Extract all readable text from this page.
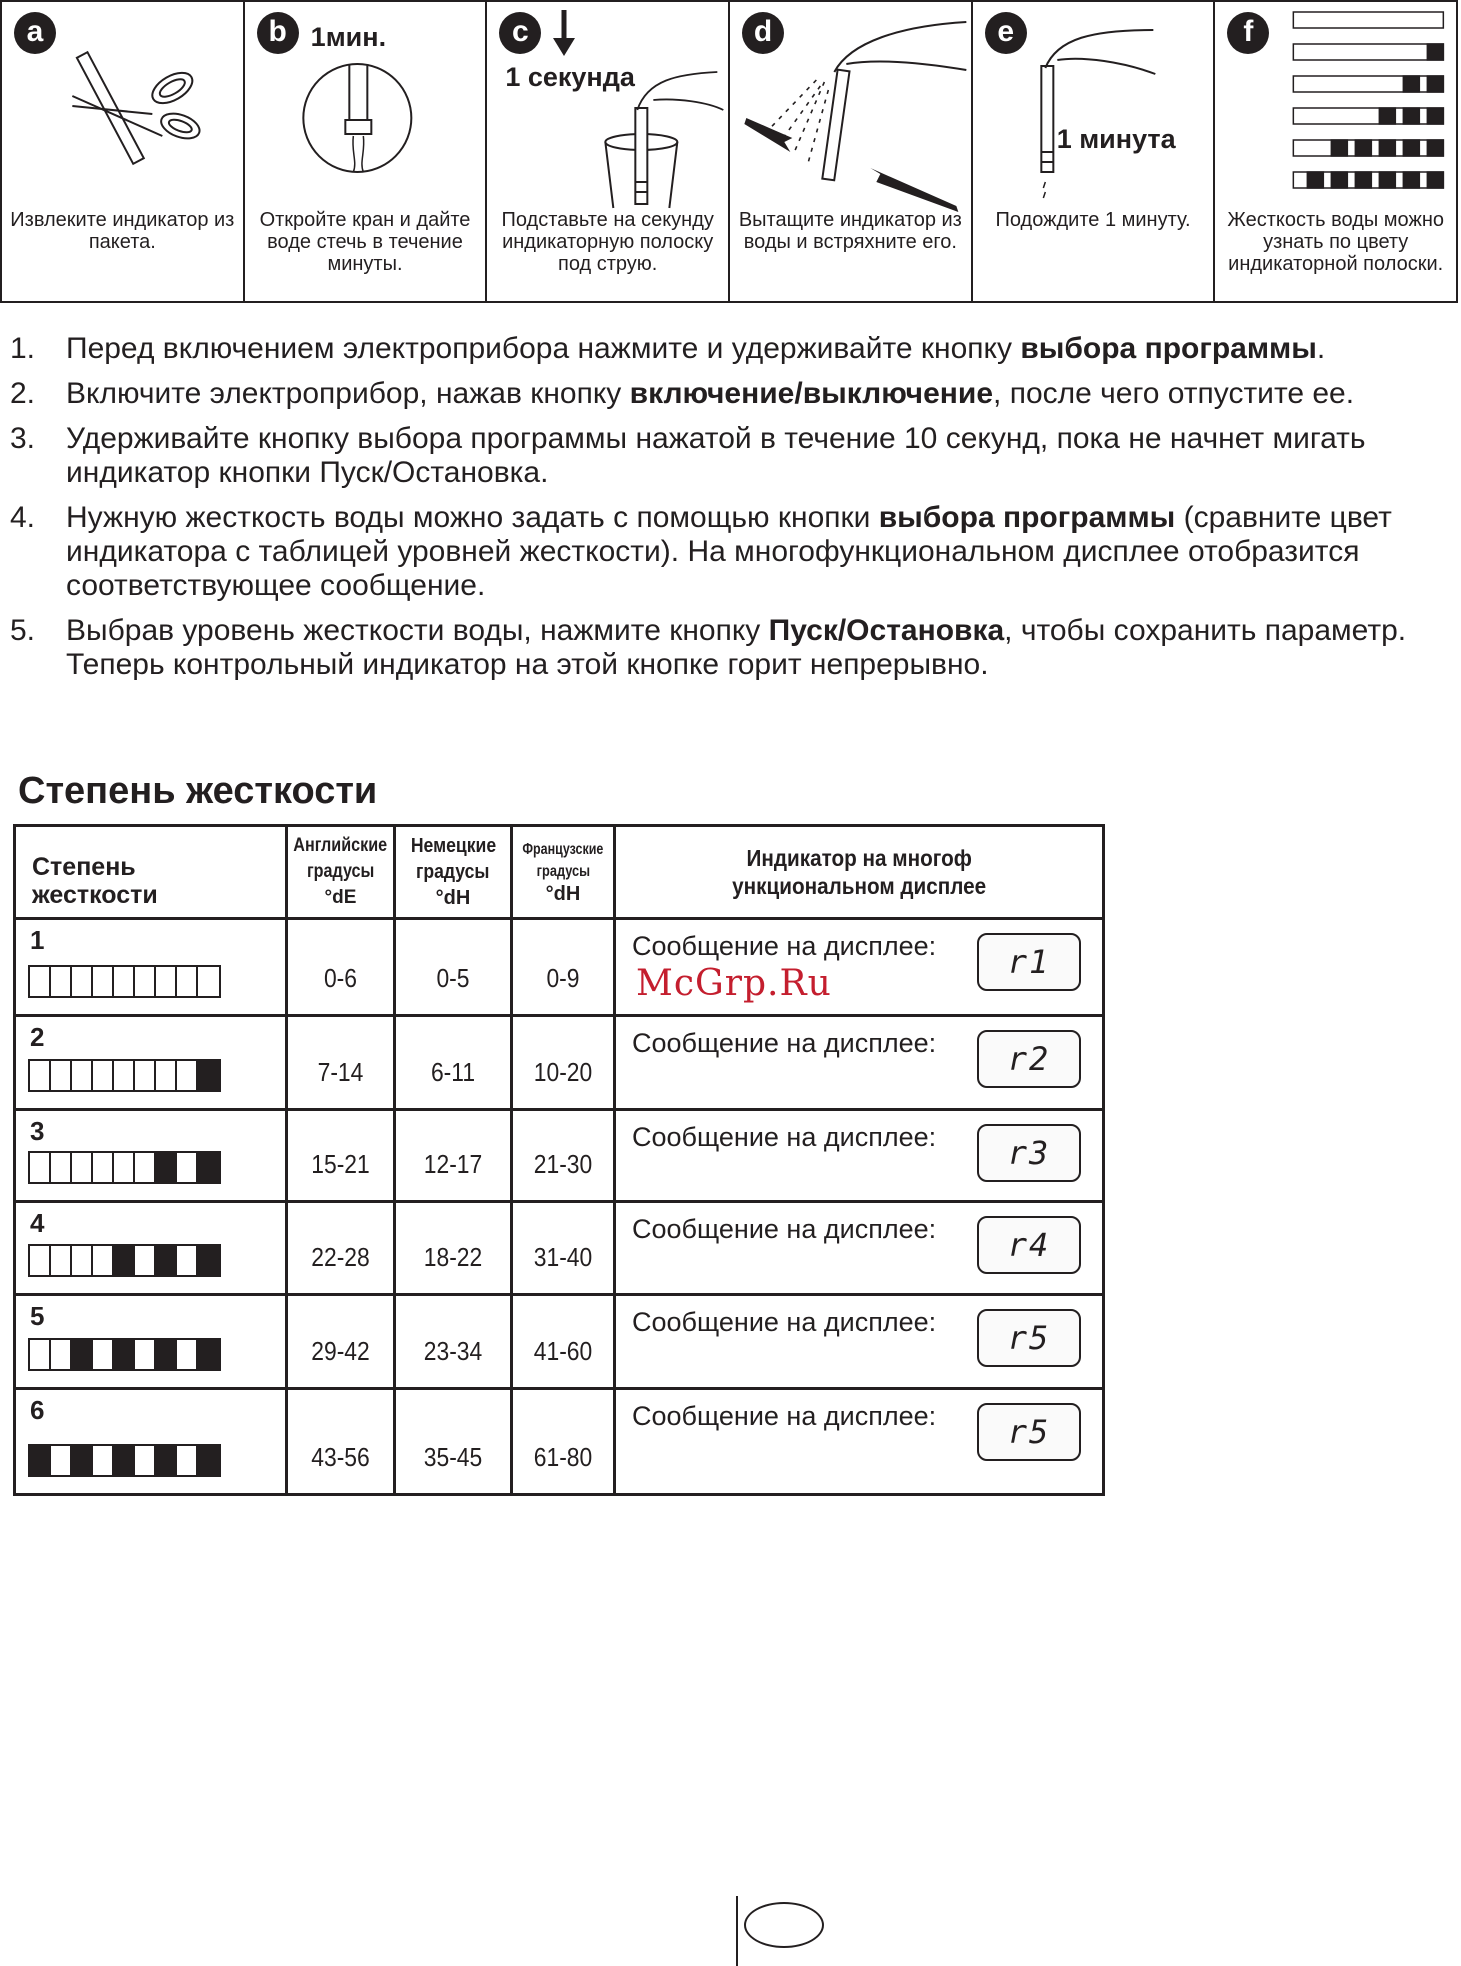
a
Извлеките индикатор из пакета.
b 1мин.
Откройте кран и дайте воде стечь в течение минуты.
c
1 секунда
Подставьте на секунду индикаторную полоску под струю.
d
Вытащите индикатор из воды и встряхните его.
e
1 минута
Подождите 1 минуту.
f
Жесткость воды можно узнать по цвету индикаторной полоски.
1. Перед включением электроприбора нажмите и удерживайте кнопку выбора программы.
2. Включите электроприбор, нажав кнопку включение/выключение, после чего отпустите ее.
3. Удерживайте кнопку выбора программы нажатой в течение 10 секунд, пока не начнет мигать индикатор кнопки Пуск/Остановка.
4. Нужную жесткость воды можно задать с помощью кнопки выбора программы (сравните цвет индикатора с таблицей уровней жесткости). На многофункциональном дисплее отобразится соответствующее сообщение.
5. Выбрав уровень жесткости воды, нажмите кнопку Пуск/Остановка, чтобы сохранить параметр. Теперь контрольный индикатор на этой кнопке горит непрерывно.
Степень жесткости
Степень жесткости
Английские
градусы
°dE
Немецкие
градусы
°dH
Французские
градусы
°dH
Индикатор на многоф
ункциональном дисплее
1
0-6	0-5	0-9
Сообщение на дисплее: r1
McGrp.Ru
2
7-14	6-11	10-20
Сообщение на дисплее: r2
3
15-21	12-17	21-30
Сообщение на дисплее: r3
4
22-28	18-22	31-40
Сообщение на дисплее: r4
5
29-42	23-34	41-60
Сообщение на дисплее: r5
6
43-56	35-45	61-80
Сообщение на дисплее: r5
